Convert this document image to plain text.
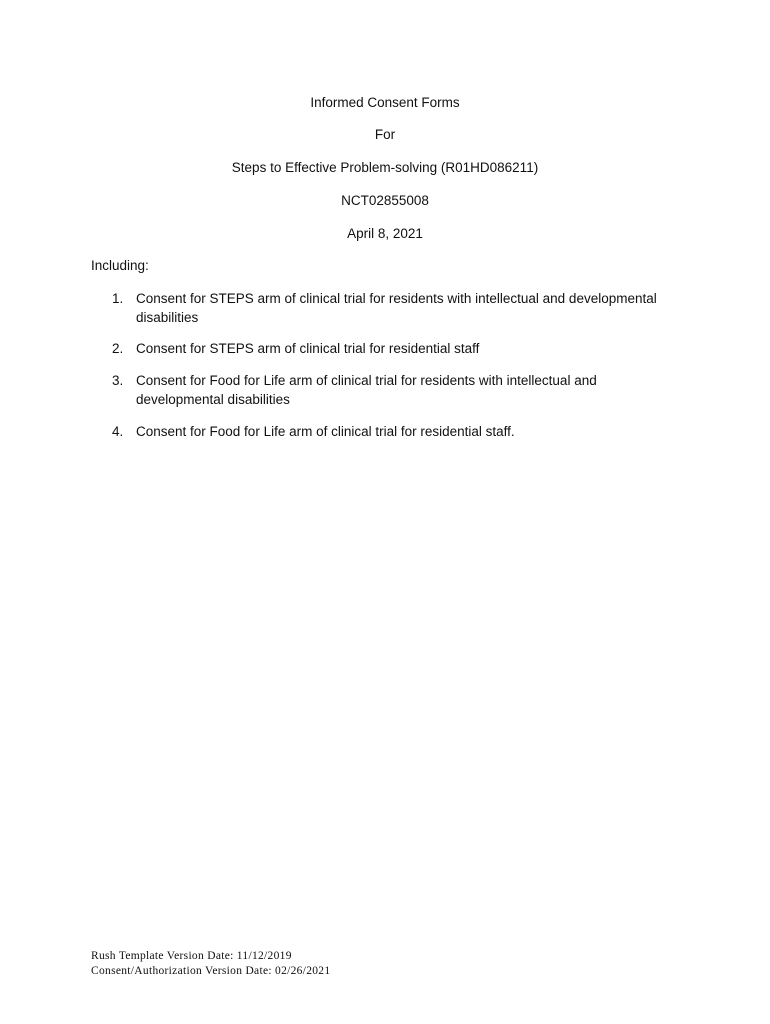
Informed Consent Forms
For
Steps to Effective Problem-solving (R01HD086211)
NCT02855008
April 8, 2021
Including:
1. Consent for STEPS arm of clinical trial for residents with intellectual and developmental disabilities
2. Consent for STEPS arm of clinical trial for residential staff
3. Consent for Food for Life arm of clinical trial for residents with intellectual and developmental disabilities
4. Consent for Food for Life arm of clinical trial for residential staff.
Rush Template Version Date: 11/12/2019
Consent/Authorization Version Date: 02/26/2021
